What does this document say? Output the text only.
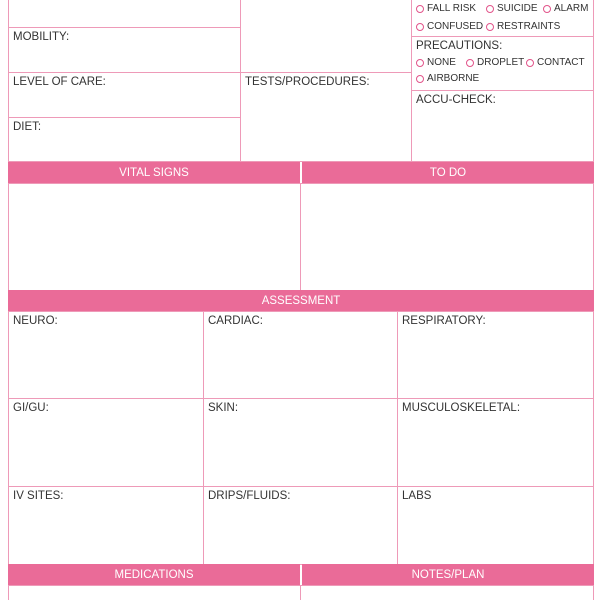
MOBILITY:
LEVEL OF CARE:
DIET:
TESTS/PROCEDURES:
FALL RISK SUICIDE ALARM
CONFUSED RESTRAINTS
PRECAUTIONS:
NONE DROPLET CONTACT
AIRBORNE
ACCU-CHECK:
VITAL SIGNS	TO DO
ASSESSMENT
NEURO:	CARDIAC:	RESPIRATORY:
GI/GU:	SKIN:	MUSCULOSKELETAL:
IV SITES:	DRIPS/FLUIDS:	LABS
MEDICATIONS	NOTES/PLAN
